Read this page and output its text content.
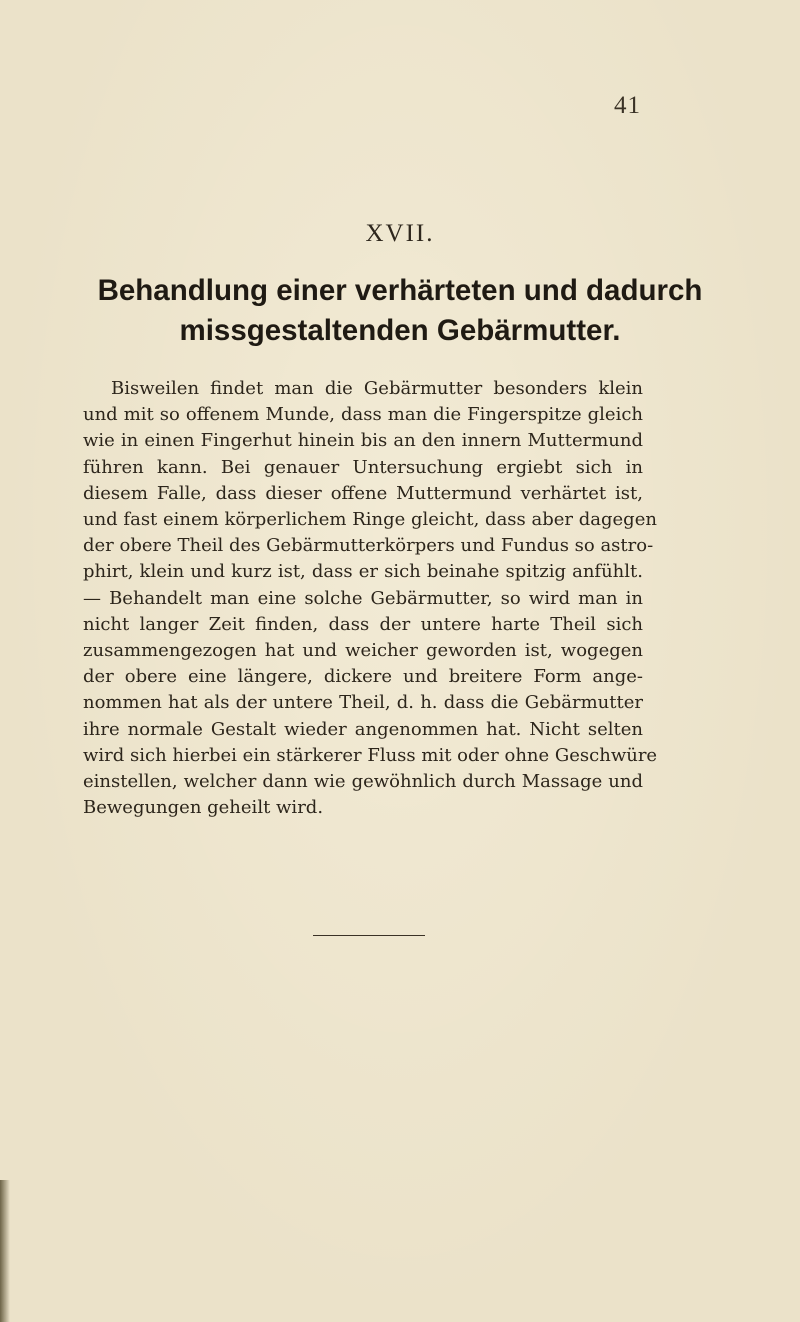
41
XVII.
Behandlung einer verhärteten und dadurch
missgestaltenden Gebärmutter.
Bisweilen findet man die Gebärmutter besonders klein
und mit so offenem Munde, dass man die Fingerspitze gleich
wie in einen Fingerhut hinein bis an den innern Muttermund
führen kann. Bei genauer Untersuchung ergiebt sich in
diesem Falle, dass dieser offene Muttermund verhärtet ist,
und fast einem körperlichem Ringe gleicht, dass aber dagegen
der obere Theil des Gebärmutterkörpers und Fundus so astro-
phirt, klein und kurz ist, dass er sich beinahe spitzig anfühlt.
— Behandelt man eine solche Gebärmutter, so wird man in
nicht langer Zeit finden, dass der untere harte Theil sich
zusammengezogen hat und weicher geworden ist, wogegen
der obere eine längere, dickere und breitere Form ange-
nommen hat als der untere Theil, d. h. dass die Gebärmutter
ihre normale Gestalt wieder angenommen hat. Nicht selten
wird sich hierbei ein stärkerer Fluss mit oder ohne Geschwüre
einstellen, welcher dann wie gewöhnlich durch Massage und
Bewegungen geheilt wird.
